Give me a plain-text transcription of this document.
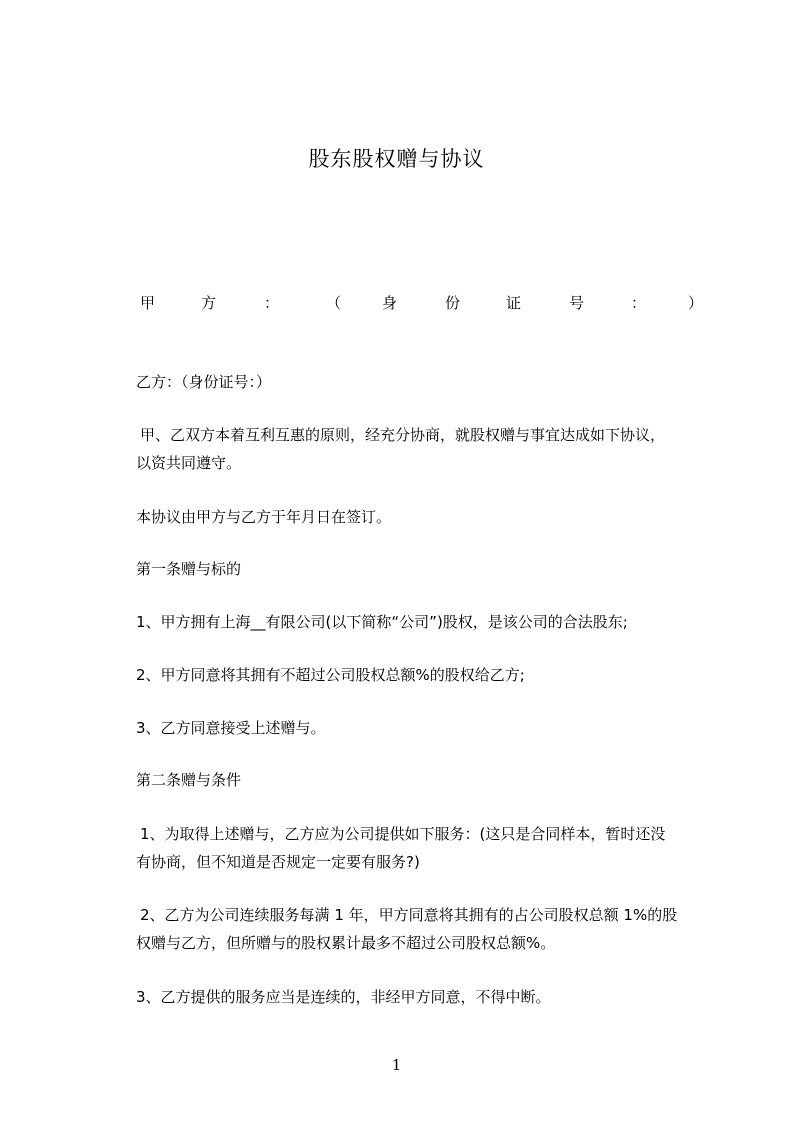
股东股权赠与协议
甲	方	：	（	身	份	证	号	：	）
乙方：（身份证号：）
甲、乙双方本着互利互惠的原则，经充分协商，就股权赠与事宜达成如下协议，
以资共同遵守。
本协议由甲方与乙方于年月日在签订。
第一条赠与标的
1、甲方拥有上海__有限公司(以下简称“公司”)股权，是该公司的合法股东;
2、甲方同意将其拥有不超过公司股权总额%的股权给乙方;
3、乙方同意接受上述赠与。
第二条赠与条件
1、为取得上述赠与，乙方应为公司提供如下服务：(这只是合同样本，暂时还没
有协商，但不知道是否规定一定要有服务?)
2、乙方为公司连续服务每满 1 年，甲方同意将其拥有的占公司股权总额 1%的股
权赠与乙方，但所赠与的股权累计最多不超过公司股权总额%。
3、乙方提供的服务应当是连续的，非经甲方同意，不得中断。
1
